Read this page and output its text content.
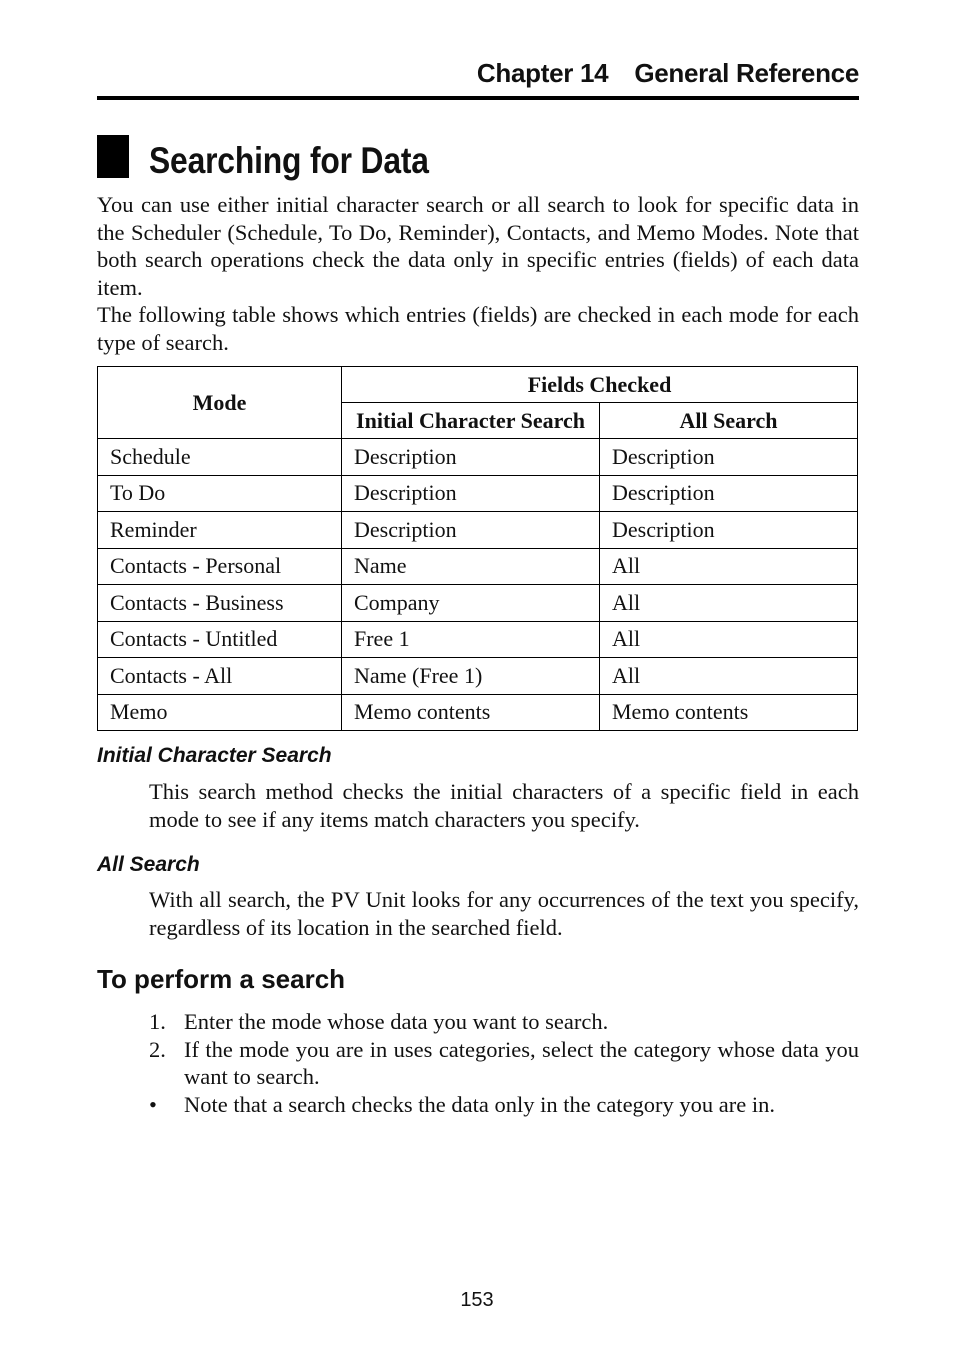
Chapter 14 General Reference
Searching for Data

You can use either initial character search or all search to look for specific data in the Scheduler (Schedule, To Do, Reminder), Contacts, and Memo Modes. Note that both search operations check the data only in specific entries (fields) of each data item.

The following table shows which entries (fields) are checked in each mode for each type of search.

Mode	Fields Checked	
	Initial Character Search	All Search
Schedule	Description	Description
To Do	Description	Description
Reminder	Description	Description
Contacts - Personal	Name	All
Contacts - Business	Company	All
Contacts - Untitled	Free 1	All
Contacts - All	Name (Free 1)	All
Memo	Memo contents	Memo contents
Initial Character Search

This search method checks the initial characters of a specific field in each mode to see if any items match characters you specify.

All Search

With all search, the PV Unit looks for any occurrences of the text you specify, regardless of its location in the searched field.

To perform a search
1. Enter the mode whose data you want to search.
2. If the mode you are in uses categories, select the category whose data you want to search.
•	Note that a search checks the data only in the category you are in.
153
